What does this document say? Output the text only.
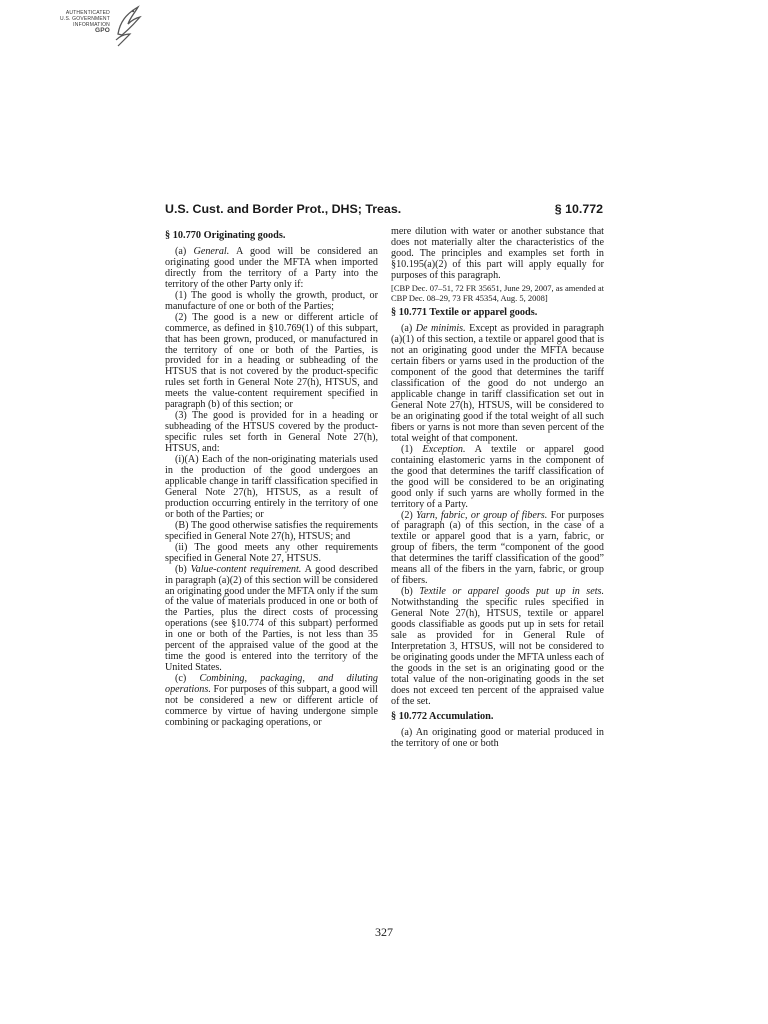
AUTHENTICATED
U.S. GOVERNMENT
INFORMATION
GPO
U.S. Cust. and Border Prot., DHS; Treas.	§ 10.772

§ 10.770 Originating goods.

(a) General. A good will be considered an originating good under the MFTA when imported directly from the territory of a Party into the territory of the other Party only if:

(1) The good is wholly the growth, product, or manufacture of one or both of the Parties;

(2) The good is a new or different article of commerce, as defined in §10.769(1) of this subpart, that has been grown, produced, or manufactured in the territory of one or both of the Parties, is provided for in a heading or subheading of the HTSUS that is not covered by the product-specific rules set forth in General Note 27(h), HTSUS, and meets the value-content requirement specified in paragraph (b) of this section; or

(3) The good is provided for in a heading or subheading of the HTSUS covered by the product-specific rules set forth in General Note 27(h), HTSUS, and:

(i)(A) Each of the non-originating materials used in the production of the good undergoes an applicable change in tariff classification specified in General Note 27(h), HTSUS, as a result of production occurring entirely in the territory of one or both of the Parties; or

(B) The good otherwise satisfies the requirements specified in General Note 27(h), HTSUS; and

(ii) The good meets any other requirements specified in General Note 27, HTSUS.

(b) Value-content requirement. A good described in paragraph (a)(2) of this section will be considered an originating good under the MFTA only if the sum of the value of materials produced in one or both of the Parties, plus the direct costs of processing operations (see §10.774 of this subpart) performed in one or both of the Parties, is not less than 35 percent of the appraised value of the good at the time the good is entered into the territory of the United States.

(c) Combining, packaging, and diluting operations. For purposes of this subpart, a good will not be considered a new or different article of commerce by virtue of having undergone simple combining or packaging operations, or

mere dilution with water or another substance that does not materially alter the characteristics of the good. The principles and examples set forth in §10.195(a)(2) of this part will apply equally for purposes of this paragraph.

[CBP Dec. 07–51, 72 FR 35651, June 29, 2007, as amended at CBP Dec. 08–29, 73 FR 45354, Aug. 5, 2008]

§ 10.771 Textile or apparel goods.

(a) De minimis. Except as provided in paragraph (a)(1) of this section, a textile or apparel good that is not an originating good under the MFTA because certain fibers or yarns used in the production of the component of the good that determines the tariff classification of the good do not undergo an applicable change in tariff classification set out in General Note 27(h), HTSUS, will be considered to be an originating good if the total weight of all such fibers or yarns is not more than seven percent of the total weight of that component.

(1) Exception. A textile or apparel good containing elastomeric yarns in the component of the good that determines the tariff classification of the good will be considered to be an originating good only if such yarns are wholly formed in the territory of a Party.

(2) Yarn, fabric, or group of fibers. For purposes of paragraph (a) of this section, in the case of a textile or apparel good that is a yarn, fabric, or group of fibers, the term “component of the good that determines the tariff classification of the good” means all of the fibers in the yarn, fabric, or group of fibers.

(b) Textile or apparel goods put up in sets. Notwithstanding the specific rules specified in General Note 27(h), HTSUS, textile or apparel goods classifiable as goods put up in sets for retail sale as provided for in General Rule of Interpretation 3, HTSUS, will not be considered to be originating goods under the MFTA unless each of the goods in the set is an originating good or the total value of the non-originating goods in the set does not exceed ten percent of the appraised value of the set.

§ 10.772 Accumulation.

(a) An originating good or material produced in the territory of one or both

327
